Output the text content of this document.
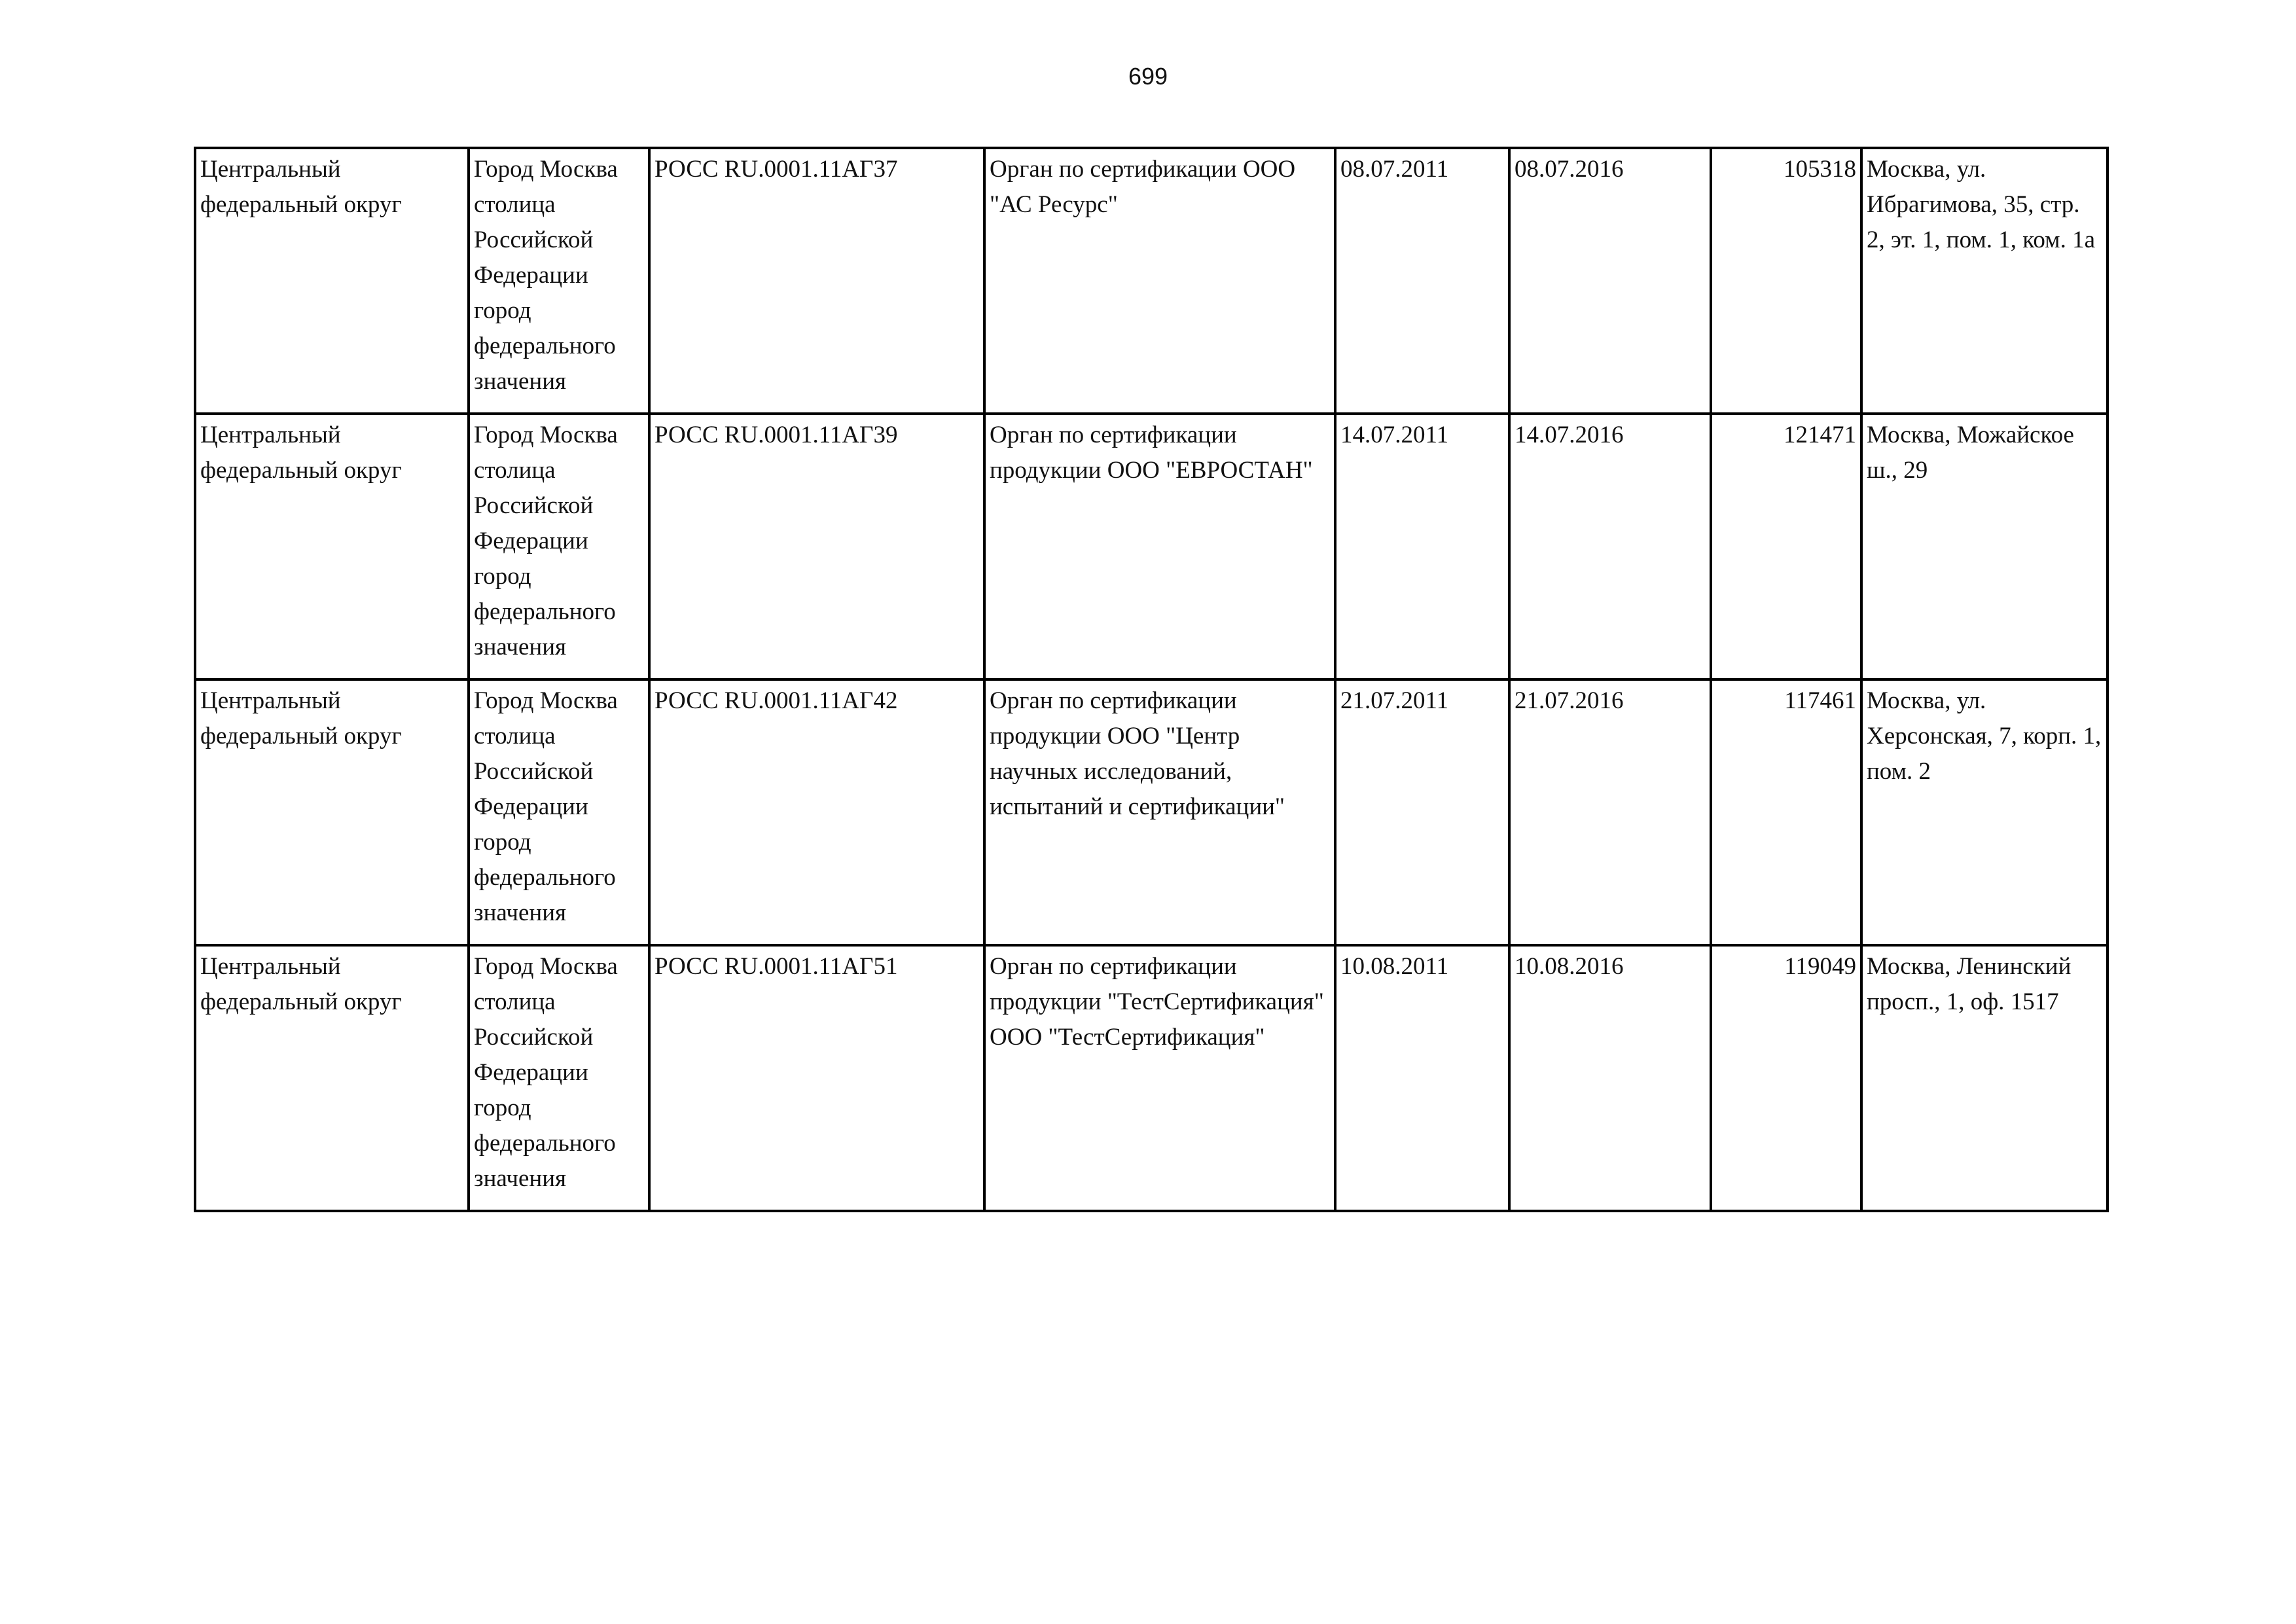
699
Центральный федеральный округ	Город Москва столица Российской Федерации город федерального значения	РОСС RU.0001.11АГ37	Орган по сертификации ООО "АС Ресурс"	08.07.2011	08.07.2016	105318	Москва, ул. Ибрагимова, 35, стр. 2, эт. 1, пом. 1, ком. 1а

Центральный федеральный округ	Город Москва столица Российской Федерации город федерального значения	РОСС RU.0001.11АГ39	Орган по сертификации продукции ООО "ЕВРОСТАН"	14.07.2011	14.07.2016	121471	Москва, Можайское ш., 29

Центральный федеральный округ	Город Москва столица Российской Федерации город федерального значения	РОСС RU.0001.11АГ42	Орган по сертификации продукции ООО "Центр научных исследований, испытаний и сертификации"	21.07.2011	21.07.2016	117461	Москва, ул. Херсонская, 7, корп. 1, пом. 2

Центральный федеральный округ	Город Москва столица Российской Федерации город федерального значения	РОСС RU.0001.11АГ51	Орган по сертификации продукции "ТестСертификация" ООО "ТестСертификация"	10.08.2011	10.08.2016	119049	Москва, Ленинский просп., 1, оф. 1517
